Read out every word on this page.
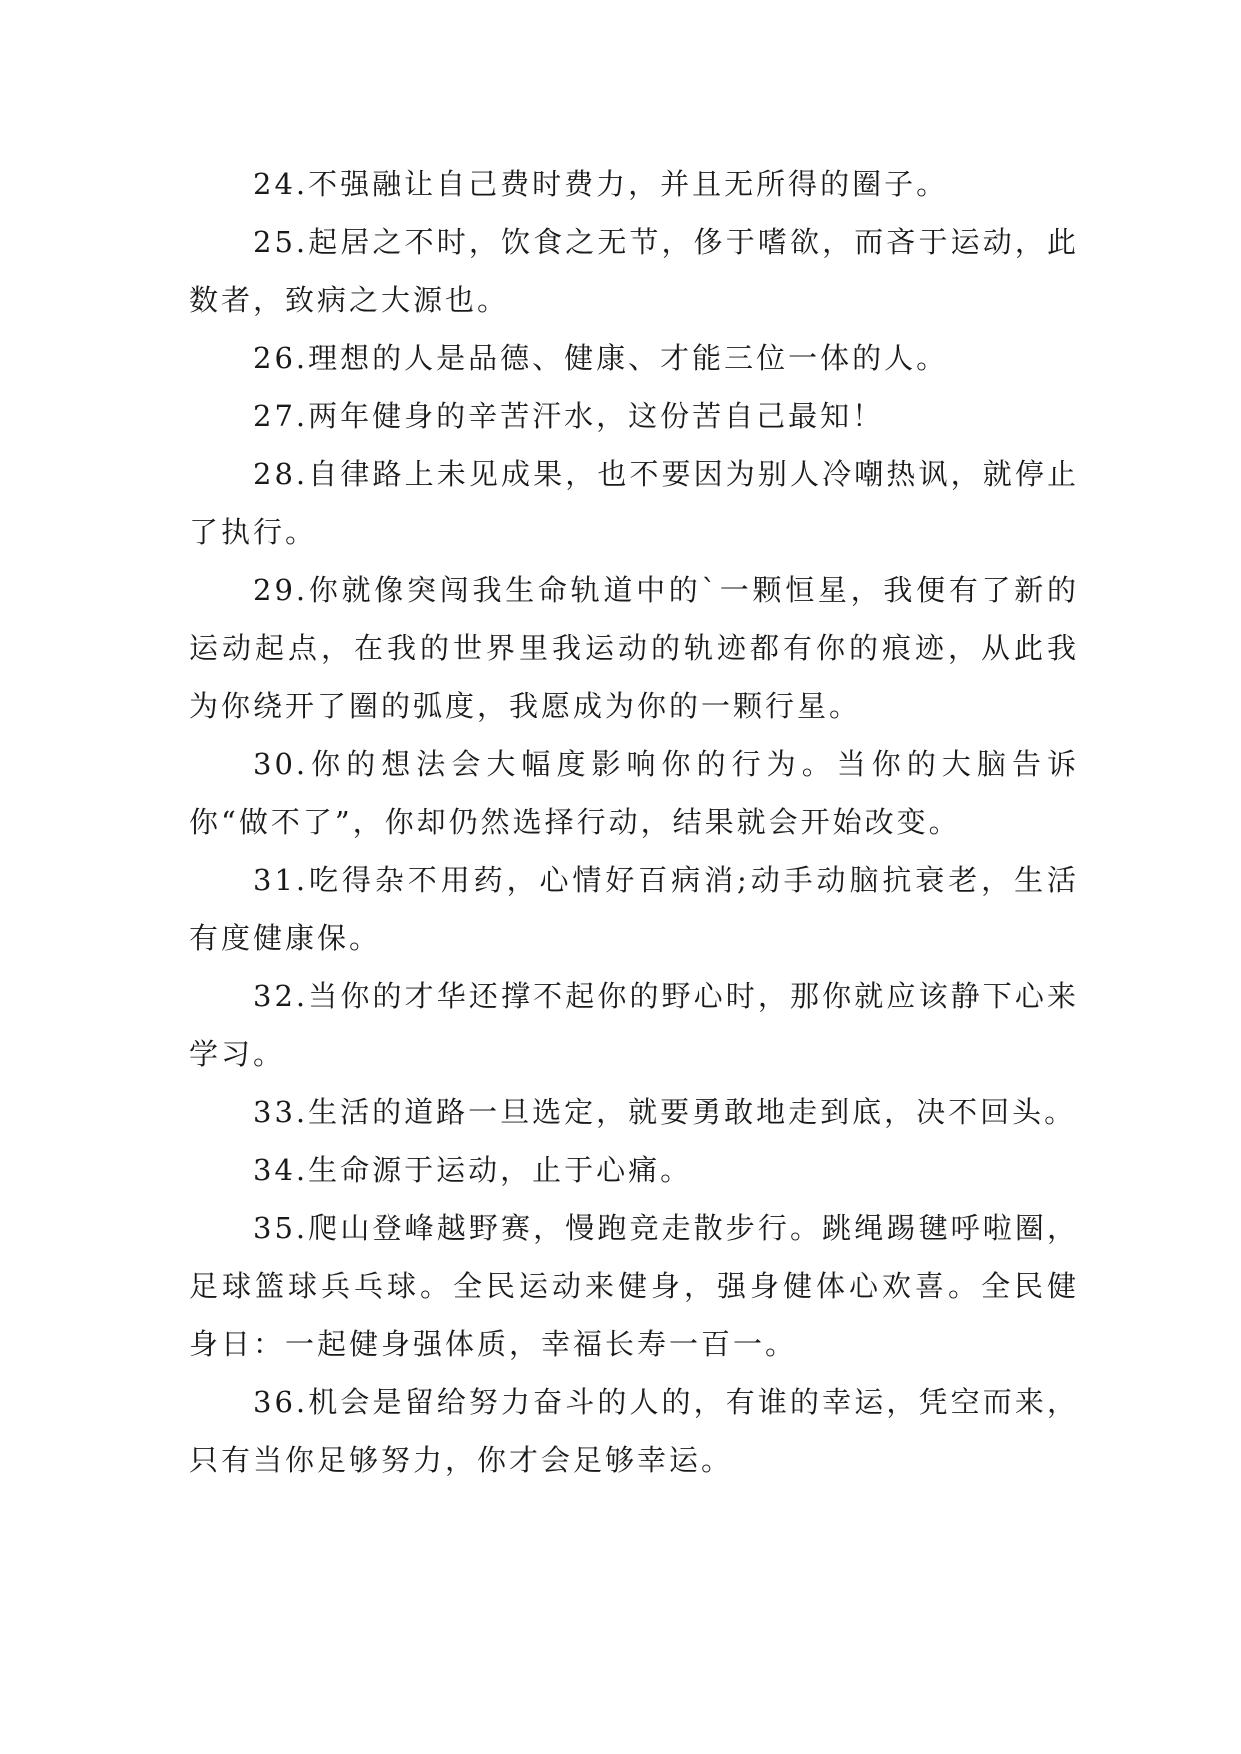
24.不强融让自己费时费力，并且无所得的圈子。

25.起居之不时，饮食之无节，侈于嗜欲，而吝于运动，此数者，致病之大源也。

26.理想的人是品德、健康、才能三位一体的人。

27.两年健身的辛苦汗水，这份苦自己最知！

28.自律路上未见成果，也不要因为别人冷嘲热讽，就停止了执行。

29.你就像突闯我生命轨道中的`一颗恒星，我便有了新的运动起点，在我的世界里我运动的轨迹都有你的痕迹，从此我为你绕开了圈的弧度，我愿成为你的一颗行星。

30.你的想法会大幅度影响你的行为。当你的大脑告诉你“做不了”，你却仍然选择行动，结果就会开始改变。

31.吃得杂不用药，心情好百病消;动手动脑抗衰老，生活有度健康保。

32.当你的才华还撑不起你的野心时，那你就应该静下心来学习。

33.生活的道路一旦选定，就要勇敢地走到底，决不回头。

34.生命源于运动，止于心痛。

35.爬山登峰越野赛，慢跑竞走散步行。跳绳踢毽呼啦圈，足球篮球兵乓球。全民运动来健身，强身健体心欢喜。全民健身日：一起健身强体质，幸福长寿一百一。

36.机会是留给努力奋斗的人的，有谁的幸运，凭空而来，只有当你足够努力，你才会足够幸运。
